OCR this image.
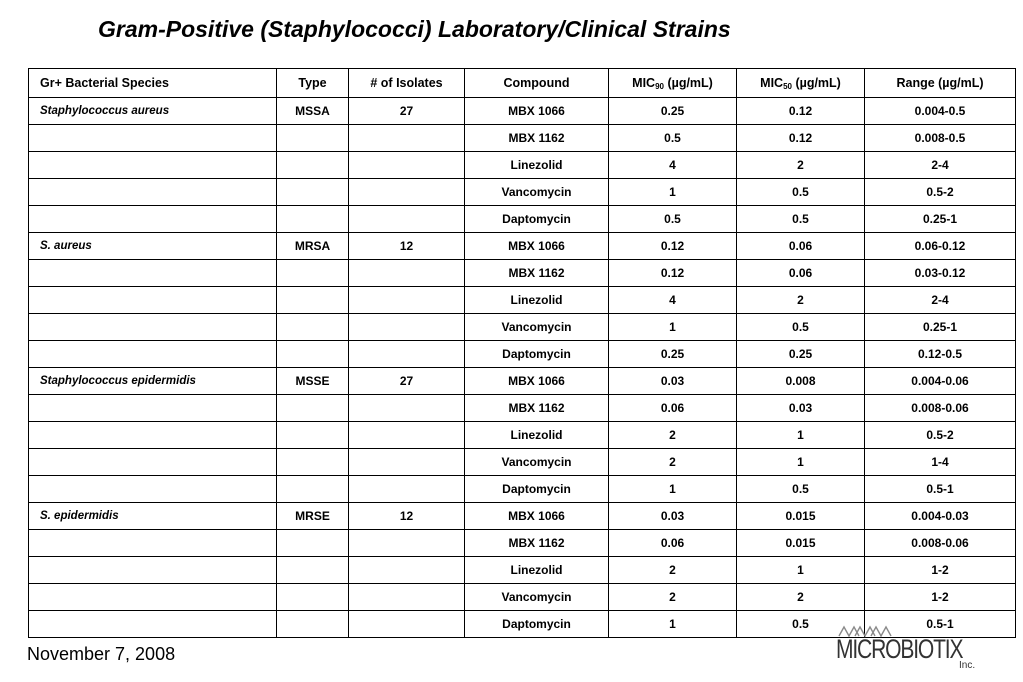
Gram-Positive (Staphylococci) Laboratory/Clinical Strains
Gr+ Bacterial Species	Type	# of Isolates	Compound	$MIC_{90}$ (µg/mL)	$MIC_{50}$ (µg/mL)	Range (µg/mL)
Staphylococcus aureus	MSSA	27	MBX 1066	0.25	0.12	0.004-0.5
			MBX 1162	0.5	0.12	0.008-0.5
			Linezolid	4	2	2-4
			Vancomycin	1	0.5	0.5-2
			Daptomycin	0.5	0.5	0.25-1
S. aureus	MRSA	12	MBX 1066	0.12	0.06	0.06-0.12
			MBX 1162	0.12	0.06	0.03-0.12
			Linezolid	4	2	2-4
			Vancomycin	1	0.5	0.25-1
			Daptomycin	0.25	0.25	0.12-0.5
Staphylococcus epidermidis	MSSE	27	MBX 1066	0.03	0.008	0.004-0.06
			MBX 1162	0.06	0.03	0.008-0.06
			Linezolid	2	1	0.5-2
			Vancomycin	2	1	1-4
			Daptomycin	1	0.5	0.5-1
S. epidermidis	MRSE	12	MBX 1066	0.03	0.015	0.004-0.03
			MBX 1162	0.06	0.015	0.008-0.06
			Linezolid	2	1	1-2
			Vancomycin	2	2	1-2
			Daptomycin	1	0.5	0.5-1

November 7, 2008	MICROBIOTIX
Inc.
